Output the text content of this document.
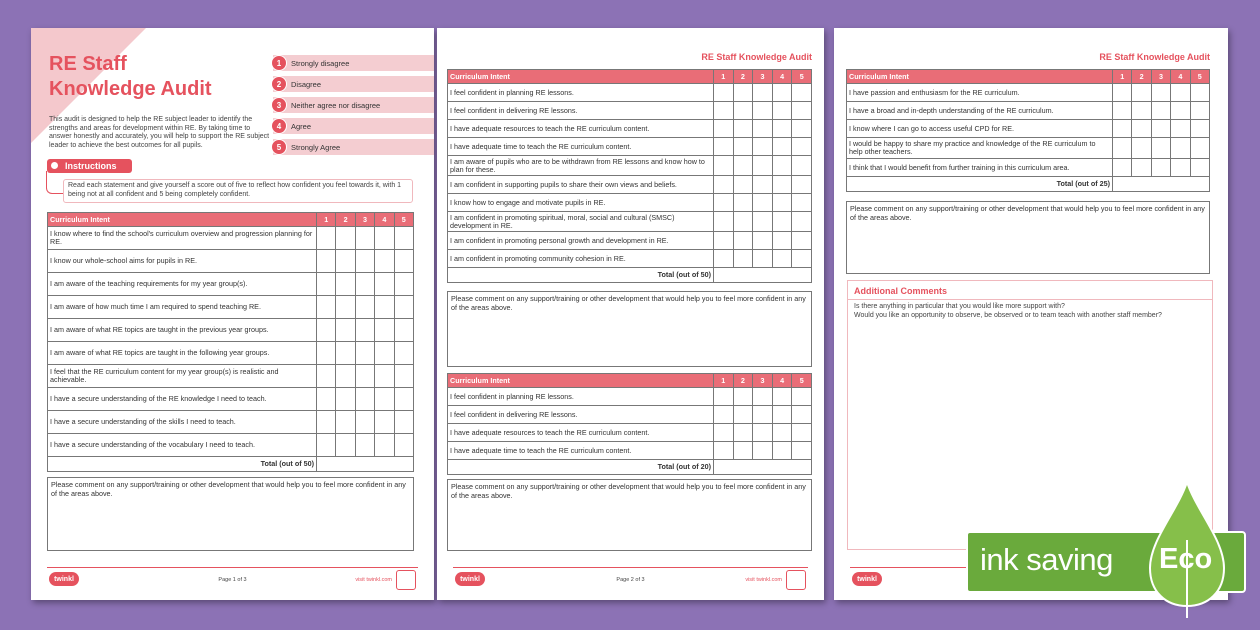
RE Staff
Knowledge Audit
This audit is designed to help the RE subject leader to identify the strengths and areas for development within RE. By taking time to answer honestly and accurately, you will help to support the RE subject leader to achieve the best outcomes for all pupils.
1	Strongly disagree
2	Disagree
3	Neither agree nor disagree
4	Agree
5	Strongly Agree
Instructions
Read each statement and give yourself a score out of five to reflect how confident you feel towards it, with 1 being not at all confident and 5 being completely confident.
Curriculum Intent	1	2	3	4	5
I know where to find the school's curriculum overview and progression planning for RE.					
I know our whole-school aims for pupils in RE.					
I am aware of the teaching requirements for my year group(s).					
I am aware of how much time I am required to spend teaching RE.					
I am aware of what RE topics are taught in the previous year groups.					
I am aware of what RE topics are taught in the following year groups.					
I feel that the RE curriculum content for my year group(s) is realistic and achievable.					
I have a secure understanding of the RE knowledge I need to teach.					
I have a secure understanding of the skills I need to teach.					
I have a secure understanding of the vocabulary I need to teach.					
Total (out of 50)					
Please comment on any support/training or other development that would help you to feel more confident in any of the areas above.
twinkl	Page 1 of 3	visit twinkl.com
RE Staff Knowledge Audit
Curriculum Intent	1	2	3	4	5
I feel confident in planning RE lessons.					
I feel confident in delivering RE lessons.					
I have adequate resources to teach the RE curriculum content.					
I have adequate time to teach the RE curriculum content.					
I am aware of pupils who are to be withdrawn from RE lessons and know how to plan for these.					
I am confident in supporting pupils to share their own views and beliefs.					
I know how to engage and motivate pupils in RE.					
I am confident in promoting spiritual, moral, social and cultural (SMSC) development in RE.					
I am confident in promoting personal growth and development in RE.					
I am confident in promoting community cohesion in RE.					
Total (out of 50)					
Please comment on any support/training or other development that would help you to feel more confident in any of the areas above.
Curriculum Intent	1	2	3	4	5
I feel confident in planning RE lessons.					
I feel confident in delivering RE lessons.					
I have adequate resources to teach the RE curriculum content.					
I have adequate time to teach the RE curriculum content.					
Total (out of 20)					
Please comment on any support/training or other development that would help you to feel more confident in any of the areas above.
twinkl	Page 2 of 3	visit twinkl.com
RE Staff Knowledge Audit
Curriculum Intent	1	2	3	4	5
I have passion and enthusiasm for the RE curriculum.					
I have a broad and in-depth understanding of the RE curriculum.					
I know where I can go to access useful CPD for RE.					
I would be happy to share my practice and knowledge of the RE curriculum to help other teachers.					
I think that I would benefit from further training in this curriculum area.					
Total (out of 25)					
Please comment on any support/training or other development that would help you to feel more confident in any of the areas above.
Additional Comments
Is there anything in particular that you would like more support with?
Would you like an opportunity to observe, be observed or to team teach with another staff member?
twinkl
ink saving Eco
